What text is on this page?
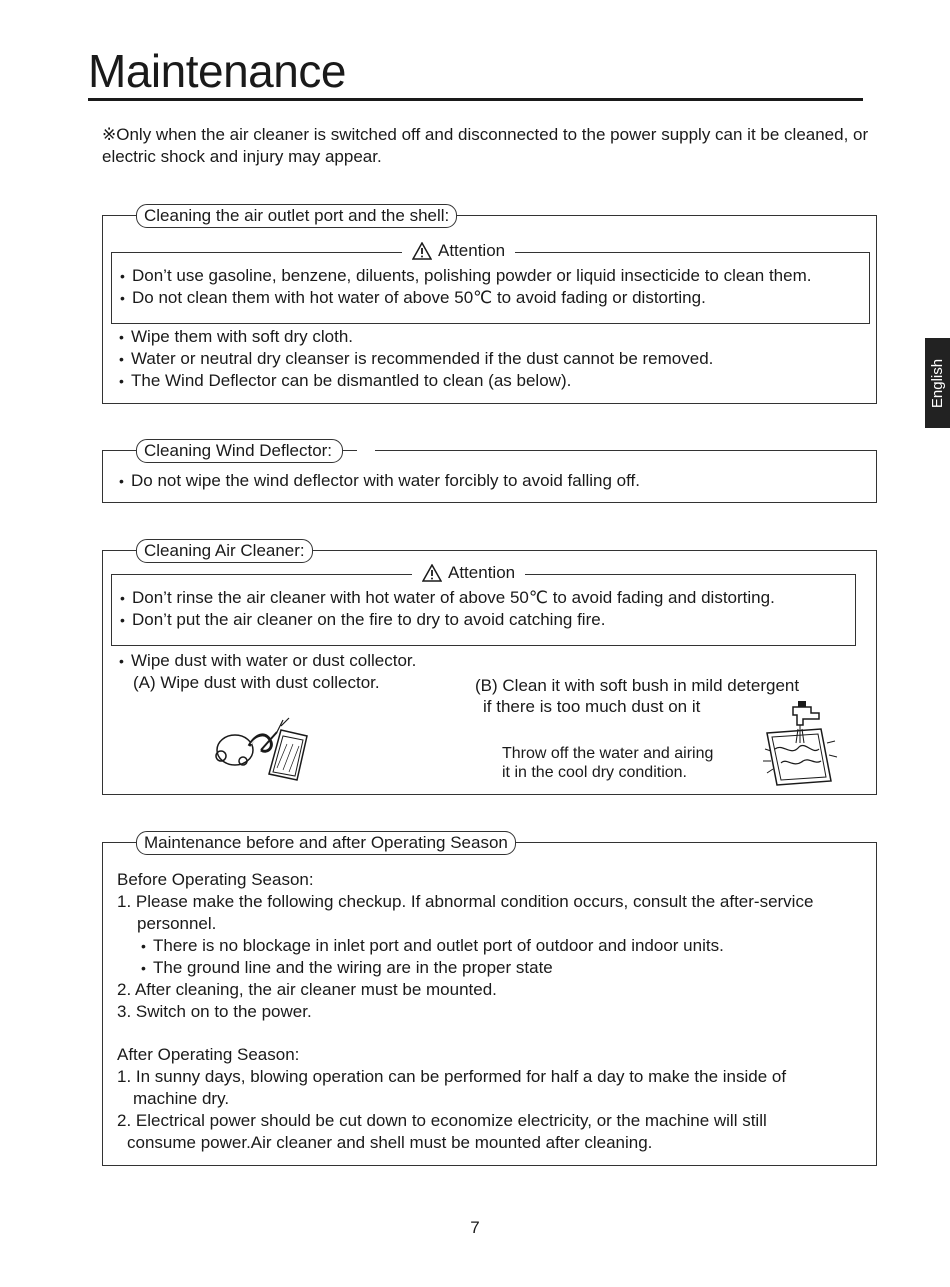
Maintenance
※Only when the air cleaner is switched off and disconnected to the power supply can it be cleaned, or electric shock and injury may appear.
English
Cleaning the air outlet port and the shell:
Attention
• Don’t use gasoline, benzene, diluents, polishing powder or liquid insecticide to clean them.
• Do not clean them with hot water of above 50℃ to avoid fading or distorting.
• Wipe them with soft dry cloth.
• Water or neutral dry cleanser is recommended if the dust cannot be removed.
• The Wind Deflector can be dismantled to clean (as below).
Cleaning Wind Deflector:
• Do not wipe the wind deflector with water forcibly to avoid falling off.
Cleaning Air Cleaner:
Attention
• Don’t rinse the air cleaner with hot water of above 50℃ to avoid fading and distorting.
• Don’t put the air cleaner on the fire to dry to avoid catching fire.
• Wipe dust with water or dust collector.
(A) Wipe dust with dust collector.	(B) Clean it with soft bush in mild detergent
if there is too much dust on it
Throw off the water and airing
it in the cool dry condition.
Maintenance before and after Operating Season
Before Operating Season:
1. Please make the following checkup. If abnormal condition occurs, consult the after-service
personnel.
• There is no blockage in inlet port and outlet port of outdoor and indoor units.
• The ground line and the wiring are in the proper state
2. After cleaning, the air cleaner must be mounted.
3. Switch on to the power.
After Operating Season:
1. In sunny days, blowing operation can be performed for half a day to make the inside of
machine dry.
2. Electrical power should be cut down to economize electricity, or the machine will still
consume power.Air cleaner and shell must be mounted after cleaning.
7
